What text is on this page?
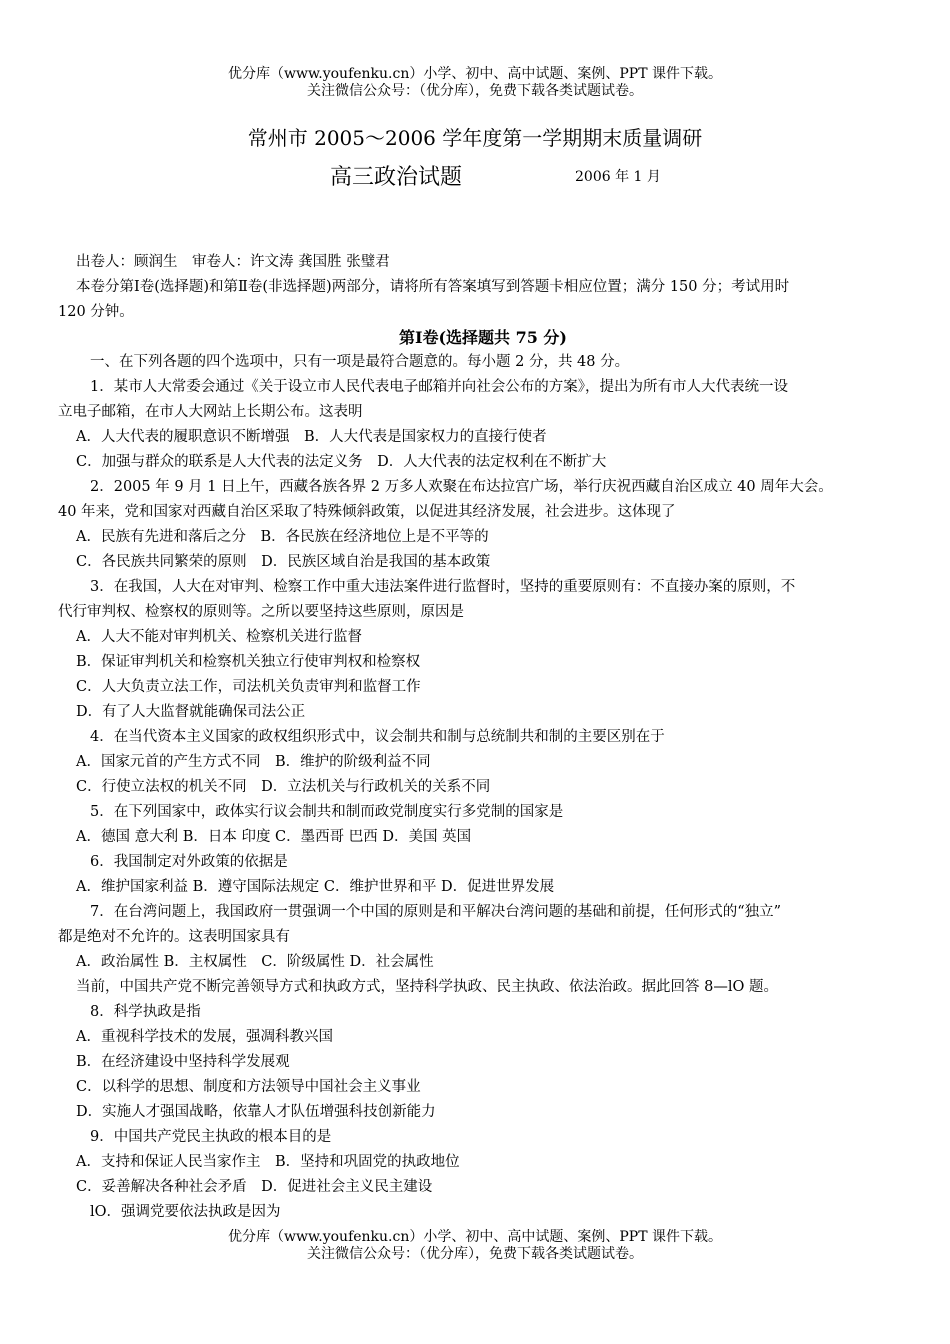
优分库（www.youfenku.cn）小学、初中、高中试题、案例、PPT 课件下载。
关注微信公众号：（优分库），免费下载各类试题试卷。
常州市 2005～2006 学年度第一学期期末质量调研
高三政治试题	2006 年 1 月

出卷人：顾润生　审卷人：许文涛 龚国胜 张璧君

本卷分第Ⅰ卷(选择题)和第Ⅱ卷(非选择题)两部分，请将所有答案填写到答题卡相应位置；满分 150 分；考试用时

120 分钟。

第Ⅰ卷(选择题共 75 分)

一、在下列各题的四个选项中，只有一项是最符合题意的。每小题 2 分，共 48 分。

1．某市人大常委会通过《关于设立市人民代表电子邮箱并向社会公布的方案》，提出为所有市人大代表统一设

立电子邮箱，在市人大网站上长期公布。这表明

A．人大代表的履职意识不断增强　B．人大代表是国家权力的直接行使者

C．加强与群众的联系是人大代表的法定义务　D．人大代表的法定权利在不断扩大

2．2005 年 9 月 1 日上午，西藏各族各界 2 万多人欢聚在布达拉宫广场，举行庆祝西藏自治区成立 40 周年大会。

40 年来，党和国家对西藏自治区采取了特殊倾斜政策，以促进其经济发展，社会进步。这体现了

A．民族有先进和落后之分　B．各民族在经济地位上是不平等的

C．各民族共同繁荣的原则　D．民族区域自治是我国的基本政策

3．在我国，人大在对审判、检察工作中重大违法案件进行监督时，坚持的重要原则有：不直接办案的原则，不

代行审判权、检察权的原则等。之所以要坚持这些原则，原因是

A．人大不能对审判机关、检察机关进行监督

B．保证审判机关和检察机关独立行使审判权和检察权

C．人大负责立法工作，司法机关负责审判和监督工作

D．有了人大监督就能确保司法公正

4．在当代资本主义国家的政权组织形式中，议会制共和制与总统制共和制的主要区别在于

A．国家元首的产生方式不同　B．维护的阶级利益不同

C．行使立法权的机关不同　D．立法机关与行政机关的关系不同

5．在下列国家中，政体实行议会制共和制而政党制度实行多党制的国家是

A．德国 意大利 B．日本 印度 C．墨西哥 巴西 D．美国 英国

6．我国制定对外政策的依据是

A．维护国家利益 B．遵守国际法规定 C．维护世界和平 D．促进世界发展

7．在台湾问题上，我国政府一贯强调一个中国的原则是和平解决台湾问题的基础和前提，任何形式的“独立”

都是绝对不允许的。这表明国家具有

A．政治属性 B．主权属性　C．阶级属性 D．社会属性

当前，中国共产党不断完善领导方式和执政方式，坚持科学执政、民主执政、依法治政。据此回答 8—lO 题。

8．科学执政是指

A．重视科学技术的发展，强凋科教兴国

B．在经济建设中坚持科学发展观

C．以科学的思想、制度和方法领导中国社会主义事业

D．实施人才强国战略，依靠人才队伍增强科技创新能力

9．中国共产党民主执政的根本目的是

A．支持和保证人民当家作主　B．坚持和巩固党的执政地位

C．妥善解决各种社会矛盾　D．促进社会主义民主建设

lO．强调党要依法执政是因为

优分库（www.youfenku.cn）小学、初中、高中试题、案例、PPT 课件下载。
关注微信公众号：（优分库），免费下载各类试题试卷。
